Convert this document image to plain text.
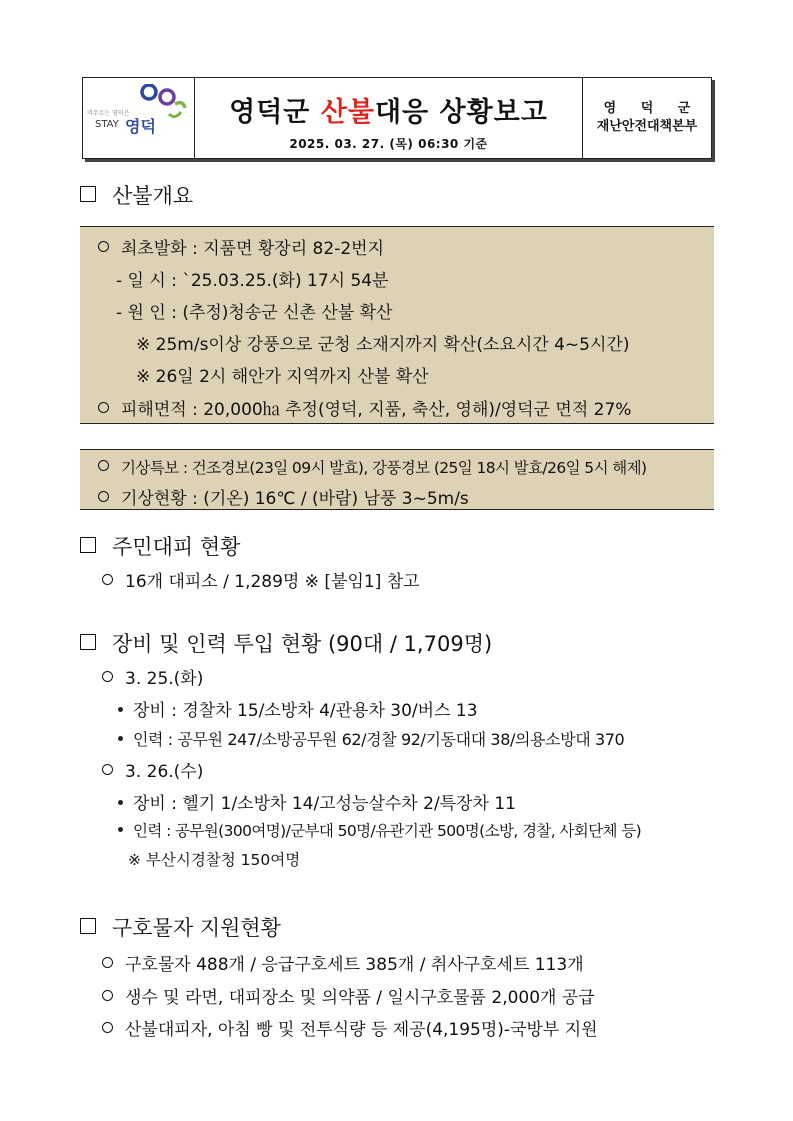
머무르는 영덕은
STAY 영덕	영덕군 산불대응 상황보고
2025. 03. 27. (목) 06:30 기준
영 덕 군
재난안전대책본부
산불개요
최초발화 : 지품면 황장리 82-2번지
- 일 시 : `25.03.25.(화) 17시 54분
- 원 인 : (추정)청송군 신촌 산불 확산
※ 25m/s이상 강풍으로 군청 소재지까지 확산(소요시간 4~5시간)
※ 26일 2시 해안가 지역까지 산불 확산
피해면적 : 20,000㏊ 추정(영덕, 지품, 축산, 영해)/영덕군 면적 27%
기상특보 : 건조경보(23일 09시 발효), 강풍경보 (25일 18시 발효/26일 5시 해제)
기상현황 : (기온) 16℃ / (바람) 남풍 3~5m/s
주민대피 현황
16개 대피소 / 1,289명 ※ [붙임1] 참고
장비 및 인력 투입 현황 (90대 / 1,709명)
3. 25.(화)
장비 : 경찰차 15/소방차 4/관용차 30/버스 13
인력 : 공무원 247/소방공무원 62/경찰 92/기동대대 38/의용소방대 370
3. 26.(수)
장비 : 헬기 1/소방차 14/고성능살수차 2/특장차 11
인력 : 공무원(300여명)/군부대 50명/유관기관 500명(소방, 경찰, 사회단체 등)
※ 부산시경찰청 150여명
구호물자 지원현황
구호물자 488개 / 응급구호세트 385개 / 취사구호세트 113개
생수 및 라면, 대피장소 및 의약품 / 일시구호물품 2,000개 공급
산불대피자, 아침 빵 및 전투식량 등 제공(4,195명)-국방부 지원
